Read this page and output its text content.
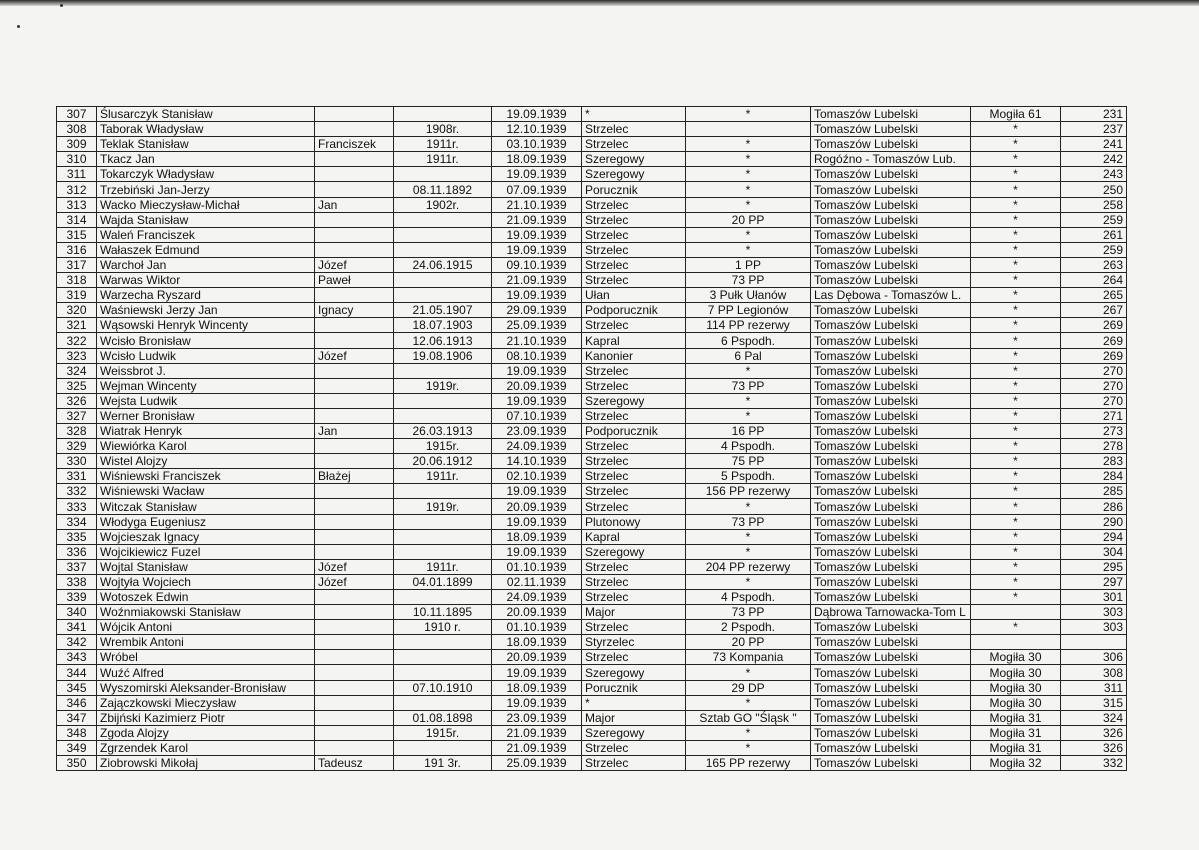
307	Ślusarczyk Stanisław			19.09.1939	*	*	Tomaszów Lubelski	Mogiła 61	231
308	Taborak Władysław		1908r.	12.10.1939	Strzelec		Tomaszów Lubelski	*	237
309	Teklak Stanisław	Franciszek	1911r.	03.10.1939	Strzelec	*	Tomaszów Lubelski	*	241
310	Tkacz Jan		1911r.	18.09.1939	Szeregowy	*	Rogóźno - Tomaszów Lub.	*	242
311	Tokarczyk Władysław			19.09.1939	Szeregowy	*	Tomaszów Lubelski	*	243
312	Trzebiński Jan-Jerzy		08.11.1892	07.09.1939	Porucznik	*	Tomaszów Lubelski	*	250
313	Wacko Mieczysław-Michał	Jan	1902r.	21.10.1939	Strzelec	*	Tomaszów Lubelski	*	258
314	Wajda Stanisław			21.09.1939	Strzelec	20 PP	Tomaszów Lubelski	*	259
315	Waleń Franciszek			19.09.1939	Strzelec	*	Tomaszów Lubelski	*	261
316	Wałaszek Edmund			19.09.1939	Strzelec	*	Tomaszów Lubelski	*	259
317	Warchoł Jan	Józef	24.06.1915	09.10.1939	Strzelec	1 PP	Tomaszów Lubelski	*	263
318	Warwas Wiktor	Paweł		21.09.1939	Strzelec	73 PP	Tomaszów Lubelski	*	264
319	Warzecha Ryszard			19.09.1939	Ułan	3 Pułk Ułanów	Las Dębowa - Tomaszów L.	*	265
320	Waśniewski Jerzy Jan	Ignacy	21.05.1907	29.09.1939	Podporucznik	7 PP Legionów	Tomaszów Lubelski	*	267
321	Wąsowski Henryk Wincenty		18.07.1903	25.09.1939	Strzelec	114 PP rezerwy	Tomaszów Lubelski	*	269
322	Wcisło Bronisław		12.06.1913	21.10.1939	Kapral	6 Pspodh.	Tomaszów Lubelski	*	269
323	Wcisło Ludwik	Józef	19.08.1906	08.10.1939	Kanonier	6 Pal	Tomaszów Lubelski	*	269
324	Weissbrot J.			19.09.1939	Strzelec	*	Tomaszów Lubelski	*	270
325	Wejman Wincenty		1919r.	20.09.1939	Strzelec	73 PP	Tomaszów Lubelski	*	270
326	Wejsta Ludwik			19.09.1939	Szeregowy	*	Tomaszów Lubelski	*	270
327	Werner Bronisław			07.10.1939	Strzelec	*	Tomaszów Lubelski	*	271
328	Wiatrak Henryk	Jan	26.03.1913	23.09.1939	Podporucznik	16 PP	Tomaszów Lubelski	*	273
329	Wiewiórka Karol		1915r.	24.09.1939	Strzelec	4 Pspodh.	Tomaszów Lubelski	*	278
330	Wistel Alojzy		20.06.1912	14.10.1939	Strzelec	75 PP	Tomaszów Lubelski	*	283
331	Wiśniewski Franciszek	Błażej	1911r.	02.10.1939	Strzelec	5 Pspodh.	Tomaszów Lubelski	*	284
332	Wiśniewski Wacław			19.09.1939	Strzelec	156 PP rezerwy	Tomaszów Lubelski	*	285
333	Witczak Stanisław		1919r.	20.09.1939	Strzelec	*	Tomaszów Lubelski	*	286
334	Włodyga Eugeniusz			19.09.1939	Plutonowy	73 PP	Tomaszów Lubelski	*	290
335	Wojcieszak Ignacy			18.09.1939	Kapral	*	Tomaszów Lubelski	*	294
336	Wojcikiewicz Fuzel			19.09.1939	Szeregowy	*	Tomaszów Lubelski	*	304
337	Wojtal Stanisław	Józef	1911r.	01.10.1939	Strzelec	204 PP rezerwy	Tomaszów Lubelski	*	295
338	Wojtyła Wojciech	Józef	04.01.1899	02.11.1939	Strzelec	*	Tomaszów Lubelski	*	297
339	Wotoszek Edwin			24.09.1939	Strzelec	4 Pspodh.	Tomaszów Lubelski	*	301
340	Woźnmiakowski Stanisław		10.11.1895	20.09.1939	Major	73 PP	Dąbrowa Tarnowacka-Tom L		303
341	Wójcik Antoni		1910 r.	01.10.1939	Strzelec	2 Pspodh.	Tomaszów Lubelski	*	303
342	Wrembik Antoni			18.09.1939	Styrzelec	20 PP	Tomaszów Lubelski		
343	Wróbel			20.09.1939	Strzelec	73 Kompania	Tomaszów Lubelski	Mogiła 30	306
344	Wuźć Alfred			19.09.1939	Szeregowy	*	Tomaszów Lubelski	Mogiła 30	308
345	Wyszomirski Aleksander-Bronisław		07.10.1910	18.09.1939	Porucznik	29 DP	Tomaszów Lubelski	Mogiła 30	311
346	Zajączkowski Mieczysław			19.09.1939	*	*	Tomaszów Lubelski	Mogiła 30	315
347	Zbijński Kazimierz Piotr		01.08.1898	23.09.1939	Major	Sztab GO "Śląsk "	Tomaszów Lubelski	Mogiła 31	324
348	Zgoda Alojzy		1915r.	21.09.1939	Szeregowy	*	Tomaszów Lubelski	Mogiła 31	326
349	Zgrzendek Karol			21.09.1939	Strzelec	*	Tomaszów Lubelski	Mogiła 31	326
350	Ziobrowski Mikołaj	Tadeusz	191 3r.	25.09.1939	Strzelec	165 PP rezerwy	Tomaszów Lubelski	Mogiła 32	332
